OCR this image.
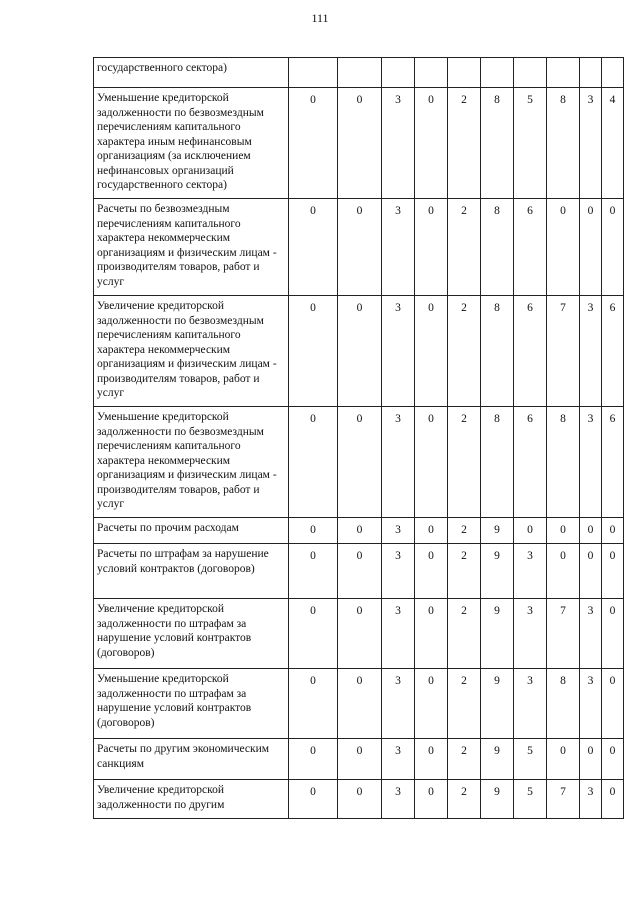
111
государственного сектора)										
Уменьшение кредиторской задолженности по безвозмездным перечислениям капитального характера иным нефинансовым организациям (за исключением нефинансовых организаций государственного сектора)	0	0	3	0	2	8	5	8	3	4
Расчеты по безвозмездным перечислениям капитального характера некоммерческим организациям и физическим лицам - производителям товаров, работ и услуг	0	0	3	0	2	8	6	0	0	0
Увеличение кредиторской задолженности по безвозмездным перечислениям капитального характера некоммерческим организациям и физическим лицам - производителям товаров, работ и услуг	0	0	3	0	2	8	6	7	3	6
Уменьшение кредиторской задолженности по безвозмездным перечислениям капитального характера некоммерческим организациям и физическим лицам - производителям товаров, работ и услуг	0	0	3	0	2	8	6	8	3	6
Расчеты по прочим расходам	0	0	3	0	2	9	0	0	0	0
Расчеты по штрафам за нарушение условий контрактов (договоров)	0	0	3	0	2	9	3	0	0	0
Увеличение кредиторской задолженности по штрафам за нарушение условий контрактов (договоров)	0	0	3	0	2	9	3	7	3	0
Уменьшение кредиторской задолженности по штрафам за нарушение условий контрактов (договоров)	0	0	3	0	2	9	3	8	3	0
Расчеты по другим экономическим санкциям	0	0	3	0	2	9	5	0	0	0
Увеличение кредиторской задолженности по другим	0	0	3	0	2	9	5	7	3	0
